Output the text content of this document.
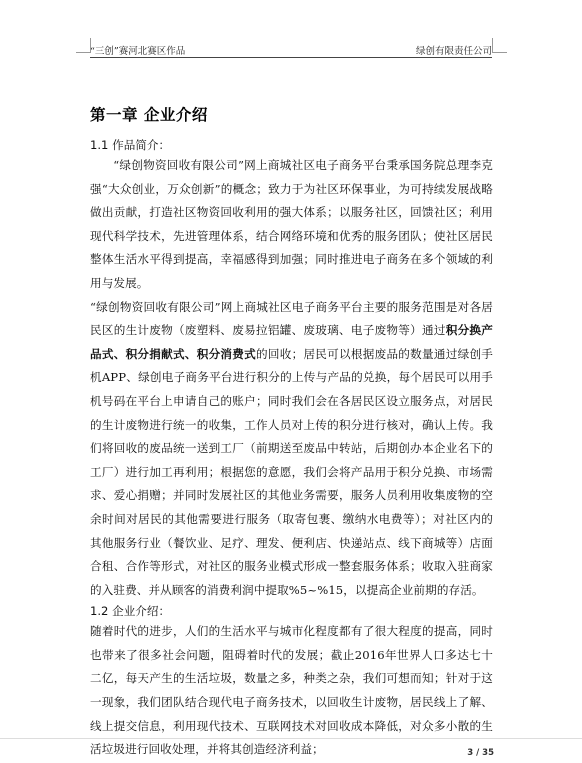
“三创”赛河北赛区作品	绿创有限责任公司
第一章 企业介绍
1.1 作品简介：

“绿创物资回收有限公司”网上商城社区电子商务平台秉承国务院总理李克强“大众创业，万众创新”的概念；致力于为社区环保事业，为可持续发展战略做出贡献，打造社区物资回收利用的强大体系；以服务社区，回馈社区；利用现代科学技术，先进管理体系，结合网络环境和优秀的服务团队；使社区居民整体生活水平得到提高，幸福感得到加强；同时推进电子商务在多个领域的利用与发展。

“绿创物资回收有限公司”网上商城社区电子商务平台主要的服务范围是对各居民区的生计废物（废塑料、废易拉铝罐、废玻璃、电子废物等）通过积分换产品式、积分捐献式、积分消费式的回收；居民可以根据废品的数量通过绿创手机APP、绿创电子商务平台进行积分的上传与产品的兑换，每个居民可以用手机号码在平台上申请自己的账户；同时我们会在各居民区设立服务点，对居民的生计废物进行统一的收集，工作人员对上传的积分进行核对，确认上传。我们将回收的废品统一送到工厂（前期送至废品中转站，后期创办本企业名下的工厂）进行加工再利用；根据您的意愿，我们会将产品用于积分兑换、市场需求、爱心捐赠；并同时发展社区的其他业务需要，服务人员利用收集废物的空余时间对居民的其他需要进行服务（取寄包裹、缴纳水电费等）；对社区内的其他服务行业（餐饮业、足疗、理发、便利店、快递站点、线下商城等）店面合租、合作等形式，对社区的服务业模式形成一整套服务体系；收取入驻商家的入驻费、并从顾客的消费利润中提取%5~%15，以提高企业前期的存活。

1.2 企业介绍：

随着时代的进步，人们的生活水平与城市化程度都有了很大程度的提高，同时也带来了很多社会问题，阻碍着时代的发展；截止2016年世界人口多达七十二亿，每天产生的生活垃圾，数量之多，种类之杂，我们可想而知；针对于这一现象，我们团队结合现代电子商务技术，以回收生计废物，居民线上了解、线上提交信息，利用现代技术、互联网技术对回收成本降低，对众多小散的生活垃圾进行回收处理，并将其创造经济利益；	3 / 35
